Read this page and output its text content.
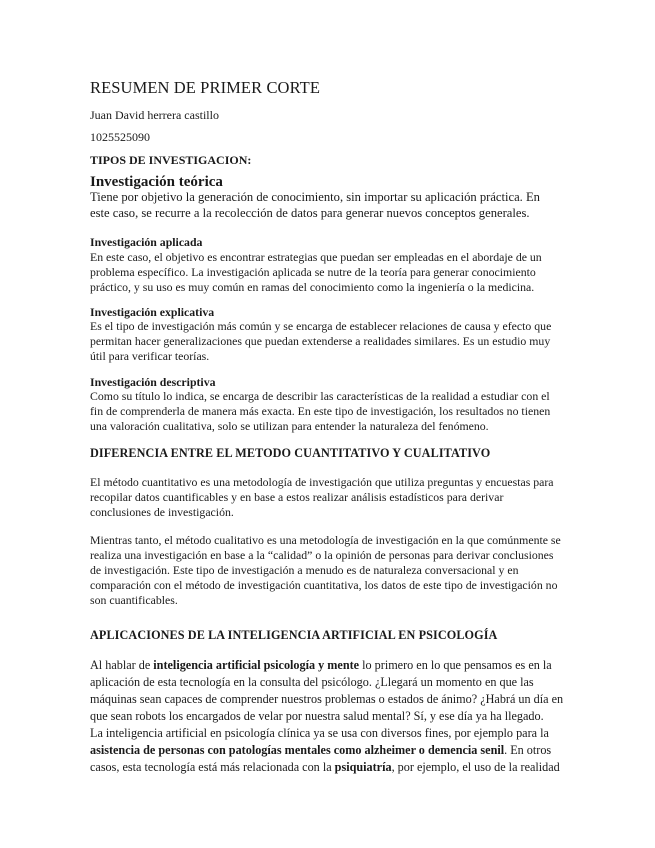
RESUMEN DE PRIMER CORTE

Juan David herrera castillo

1025525090

TIPOS DE INVESTIGACION:

Investigación teórica

Tiene por objetivo la generación de conocimiento, sin importar su aplicación práctica. En este caso, se recurre a la recolección de datos para generar nuevos conceptos generales.

Investigación aplicada

En este caso, el objetivo es encontrar estrategias que puedan ser empleadas en el abordaje de un problema específico. La investigación aplicada se nutre de la teoría para generar conocimiento práctico, y su uso es muy común en ramas del conocimiento como la ingeniería o la medicina.

Investigación explicativa

Es el tipo de investigación más común y se encarga de establecer relaciones de causa y efecto que permitan hacer generalizaciones que puedan extenderse a realidades similares. Es un estudio muy útil para verificar teorías.

Investigación descriptiva

Como su título lo indica, se encarga de describir las características de la realidad a estudiar con el fin de comprenderla de manera más exacta. En este tipo de investigación, los resultados no tienen una valoración cualitativa, solo se utilizan para entender la naturaleza del fenómeno.

DIFERENCIA ENTRE EL METODO CUANTITATIVO Y CUALITATIVO

El método cuantitativo es una metodología de investigación que utiliza preguntas y encuestas para recopilar datos cuantificables y en base a estos realizar análisis estadísticos para derivar conclusiones de investigación.

Mientras tanto, el método cualitativo es una metodología de investigación en la que comúnmente se realiza una investigación en base a la “calidad” o la opinión de personas para derivar conclusiones de investigación. Este tipo de investigación a menudo es de naturaleza conversacional y en comparación con el método de investigación cuantitativa, los datos de este tipo de investigación no son cuantificables.

APLICACIONES DE LA INTELIGENCIA ARTIFICIAL EN PSICOLOGÍA

Al hablar de inteligencia artificial psicología y mente lo primero en lo que pensamos es en la aplicación de esta tecnología en la consulta del psicólogo. ¿Llegará un momento en que las máquinas sean capaces de comprender nuestros problemas o estados de ánimo? ¿Habrá un día en que sean robots los encargados de velar por nuestra salud mental? Sí, y ese día ya ha llegado.

La inteligencia artificial en psicología clínica ya se usa con diversos fines, por ejemplo para la asistencia de personas con patologías mentales como alzheimer o demencia senil. En otros casos, esta tecnología está más relacionada con la psiquiatría, por ejemplo, el uso de la realidad
